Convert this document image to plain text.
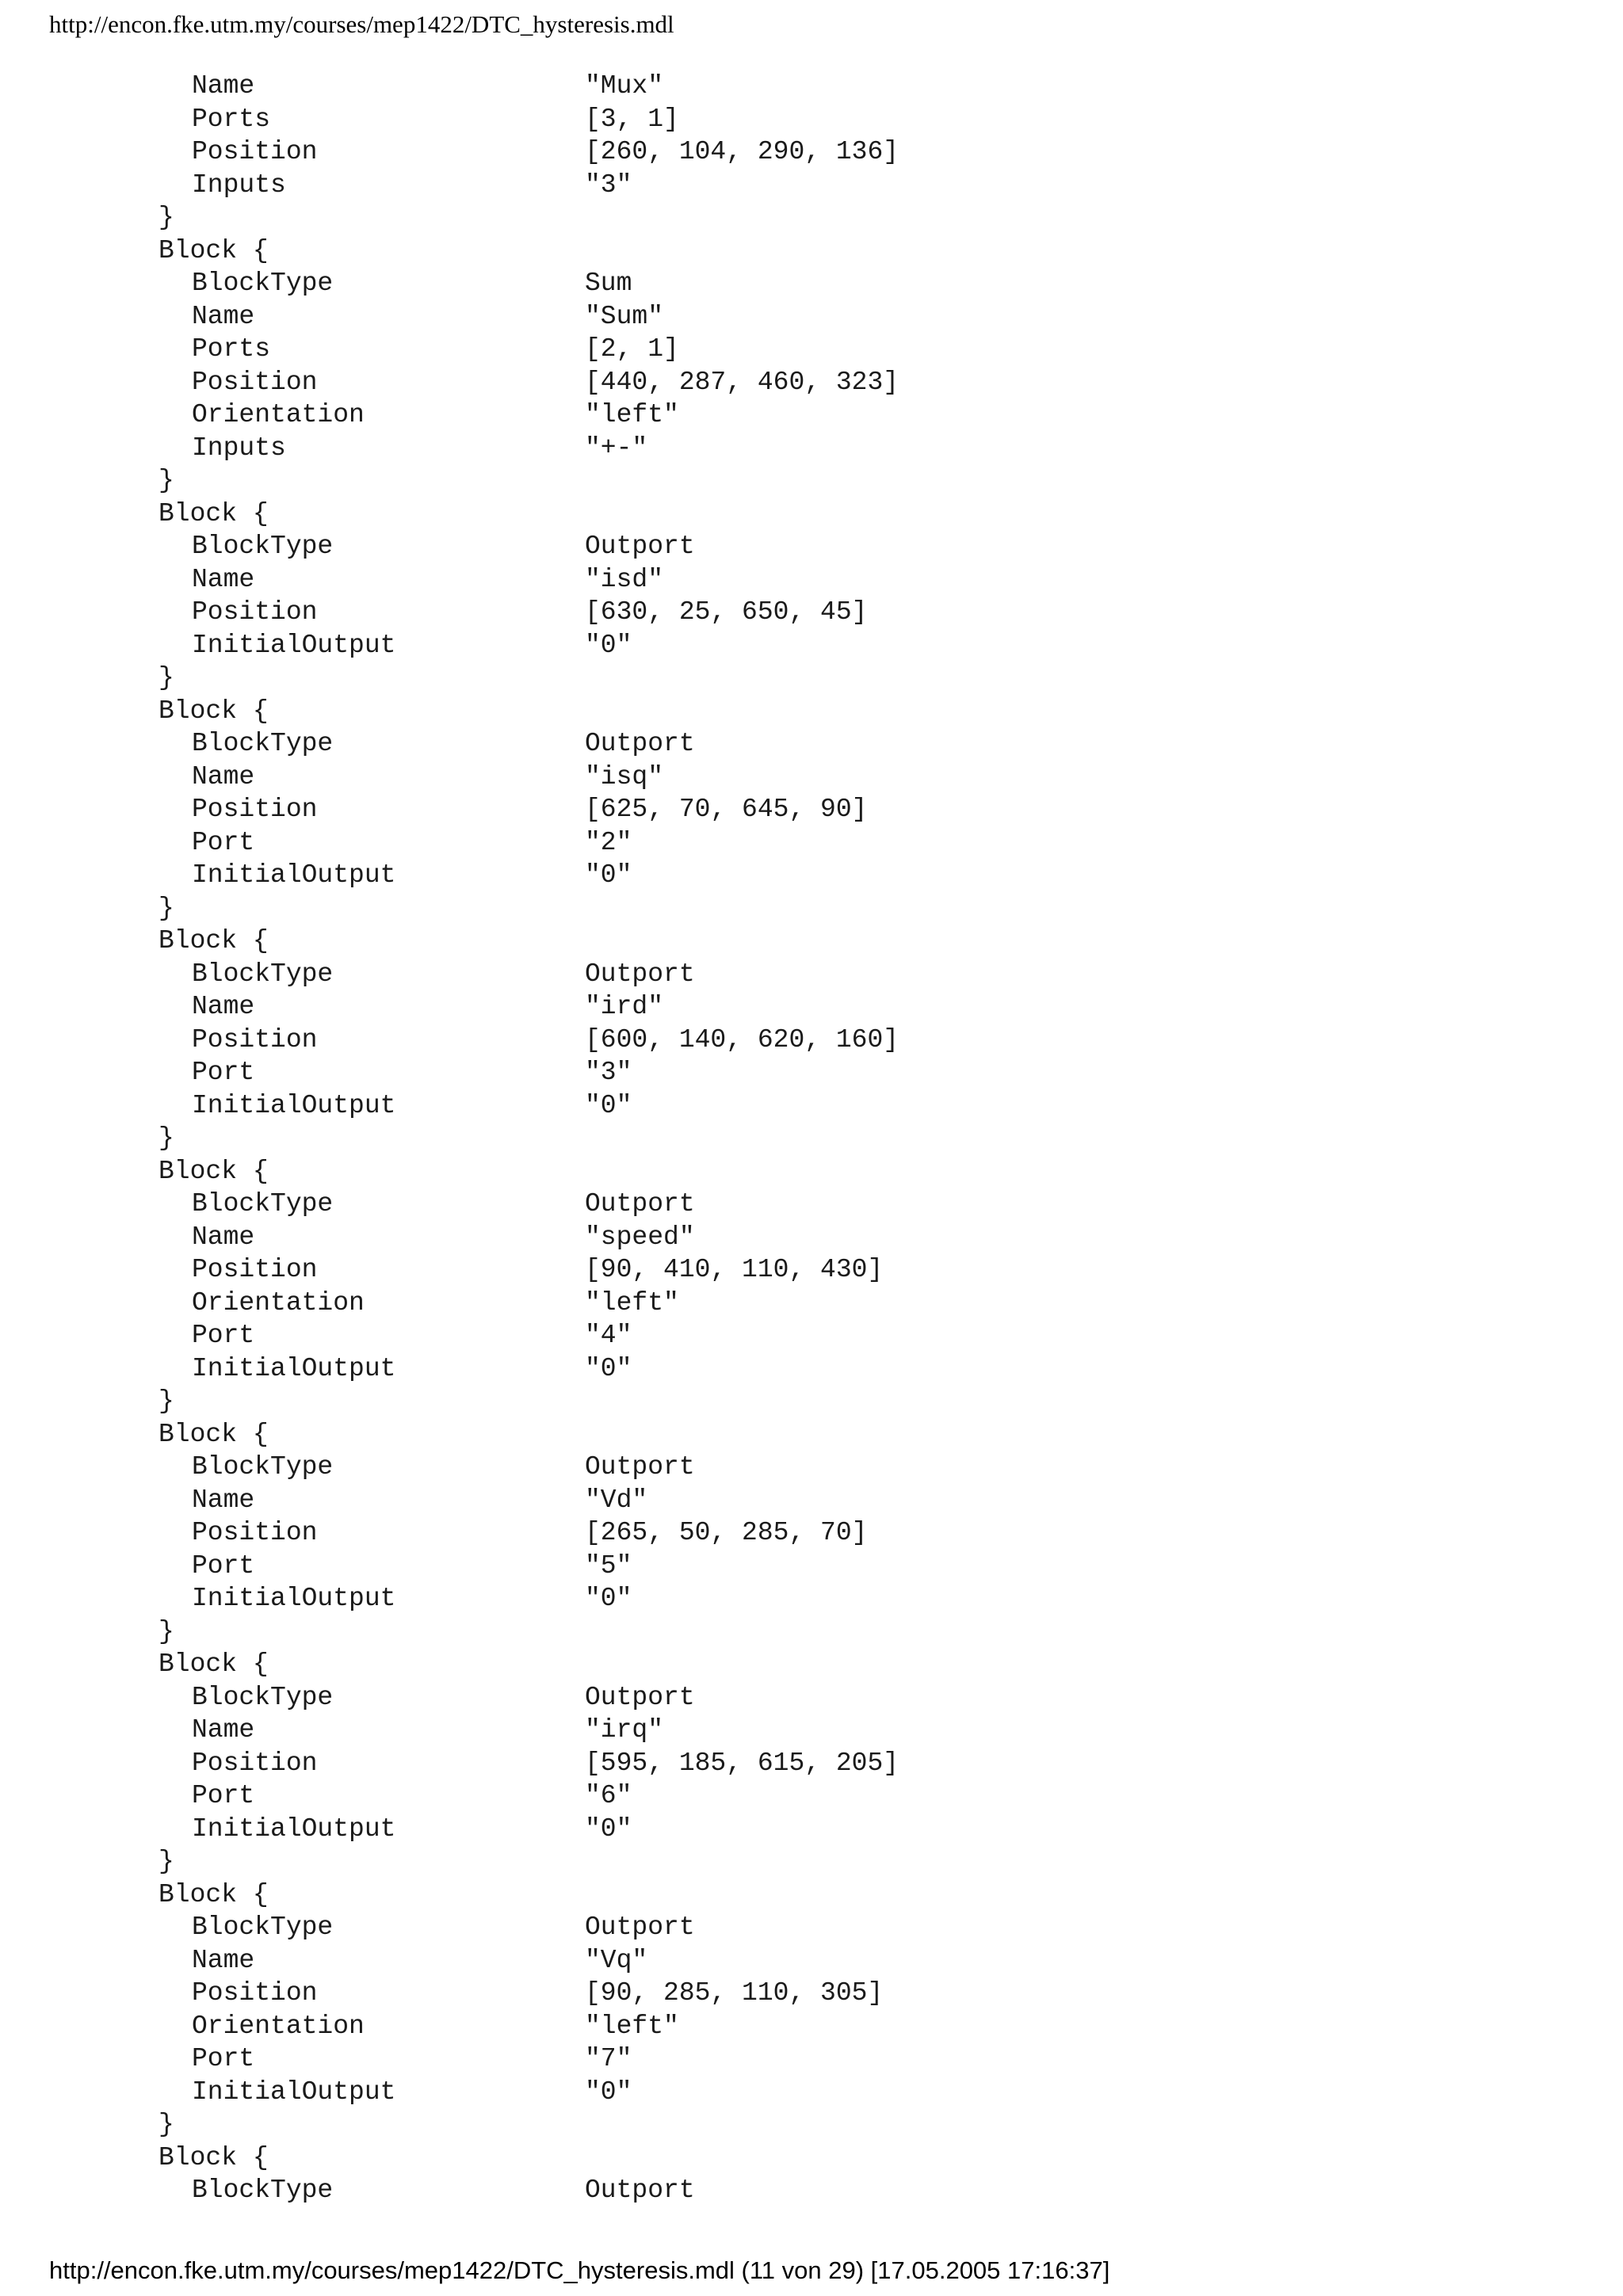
http://encon.fke.utm.my/courses/mep1422/DTC_hysteresis.mdl
Name	"Mux"
Ports	[3, 1]
Position	[260, 104, 290, 136]
Inputs	"3"
}
Block {
BlockType	Sum
Name	"Sum"
Ports	[2, 1]
Position	[440, 287, 460, 323]
Orientation	"left"
Inputs	"+-"
}
Block {
BlockType	Outport
Name	"isd"
Position	[630, 25, 650, 45]
InitialOutput	"0"
}
Block {
BlockType	Outport
Name	"isq"
Position	[625, 70, 645, 90]
Port	"2"
InitialOutput	"0"
}
Block {
BlockType	Outport
Name	"ird"
Position	[600, 140, 620, 160]
Port	"3"
InitialOutput	"0"
}
Block {
BlockType	Outport
Name	"speed"
Position	[90, 410, 110, 430]
Orientation	"left"
Port	"4"
InitialOutput	"0"
}
Block {
BlockType	Outport
Name	"Vd"
Position	[265, 50, 285, 70]
Port	"5"
InitialOutput	"0"
}
Block {
BlockType	Outport
Name	"irq"
Position	[595, 185, 615, 205]
Port	"6"
InitialOutput	"0"
}
Block {
BlockType	Outport
Name	"Vq"
Position	[90, 285, 110, 305]
Orientation	"left"
Port	"7"
InitialOutput	"0"
}
Block {
BlockType	Outport
http://encon.fke.utm.my/courses/mep1422/DTC_hysteresis.mdl (11 von 29) [17.05.2005 17:16:37]
